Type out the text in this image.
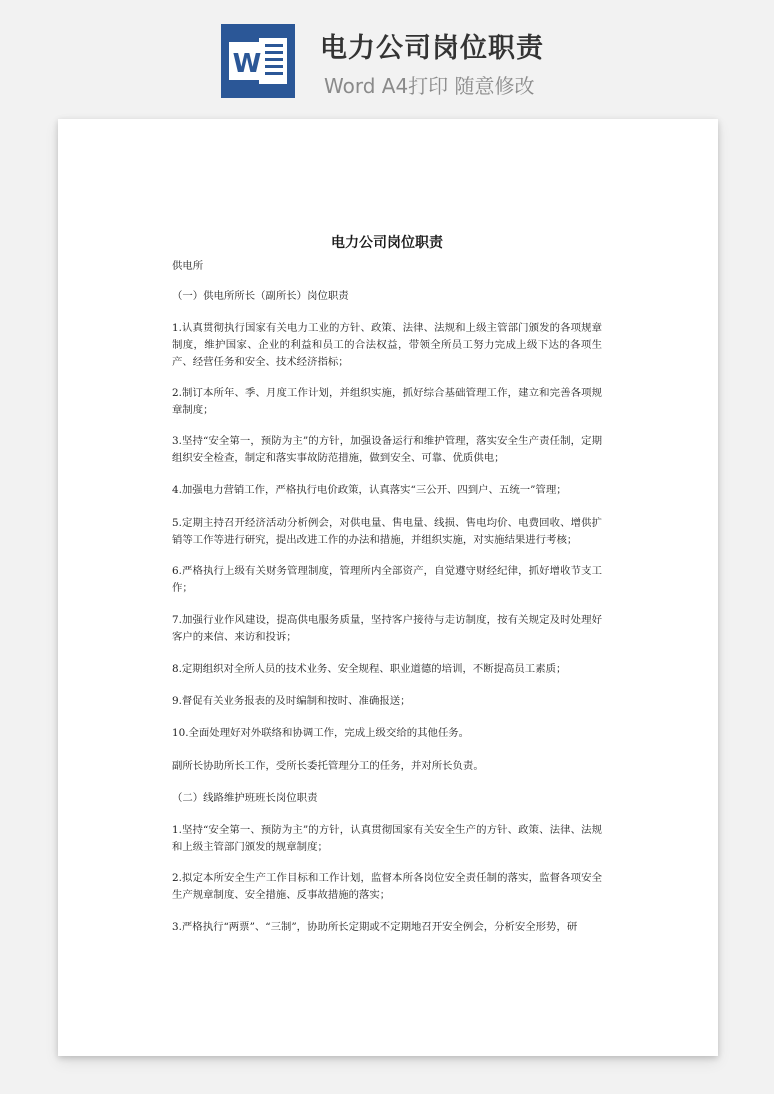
W 电力公司岗位职责
Word A4打印 随意修改
电力公司岗位职责

供电所

（一）供电所所长（副所长）岗位职责

1.认真贯彻执行国家有关电力工业的方针、政策、法律、法规和上级主管部门颁发的各项规章制度，维护国家、企业的利益和员工的合法权益，带领全所员工努力完成上级下达的各项生产、经营任务和安全、技术经济指标；

2.制订本所年、季、月度工作计划，并组织实施，抓好综合基础管理工作，建立和完善各项规章制度；

3.坚持“安全第一，预防为主”的方针，加强设备运行和维护管理，落实安全生产责任制，定期组织安全检查，制定和落实事故防范措施，做到安全、可靠、优质供电；

4.加强电力营销工作，严格执行电价政策，认真落实“三公开、四到户、五统一”管理；

5.定期主持召开经济活动分析例会，对供电量、售电量、线损、售电均价、电费回收、增供扩销等工作等进行研究，提出改进工作的办法和措施，并组织实施，对实施结果进行考核；

6.严格执行上级有关财务管理制度，管理所内全部资产，自觉遵守财经纪律，抓好增收节支工作；

7.加强行业作风建设，提高供电服务质量，坚持客户接待与走访制度，按有关规定及时处理好客户的来信、来访和投诉；

8.定期组织对全所人员的技术业务、安全规程、职业道德的培训，不断提高员工素质；

9.督促有关业务报表的及时编制和按时、准确报送；

10.全面处理好对外联络和协调工作，完成上级交给的其他任务。

副所长协助所长工作，受所长委托管理分工的任务，并对所长负责。

（二）线路维护班班长岗位职责

1.坚持“安全第一、预防为主”的方针，认真贯彻国家有关安全生产的方针、政策、法律、法规和上级主管部门颁发的规章制度；

2.拟定本所安全生产工作目标和工作计划，监督本所各岗位安全责任制的落实，监督各项安全生产规章制度、安全措施、反事故措施的落实；

3.严格执行“两票”、“三制”，协助所长定期或不定期地召开安全例会，分析安全形势，研
